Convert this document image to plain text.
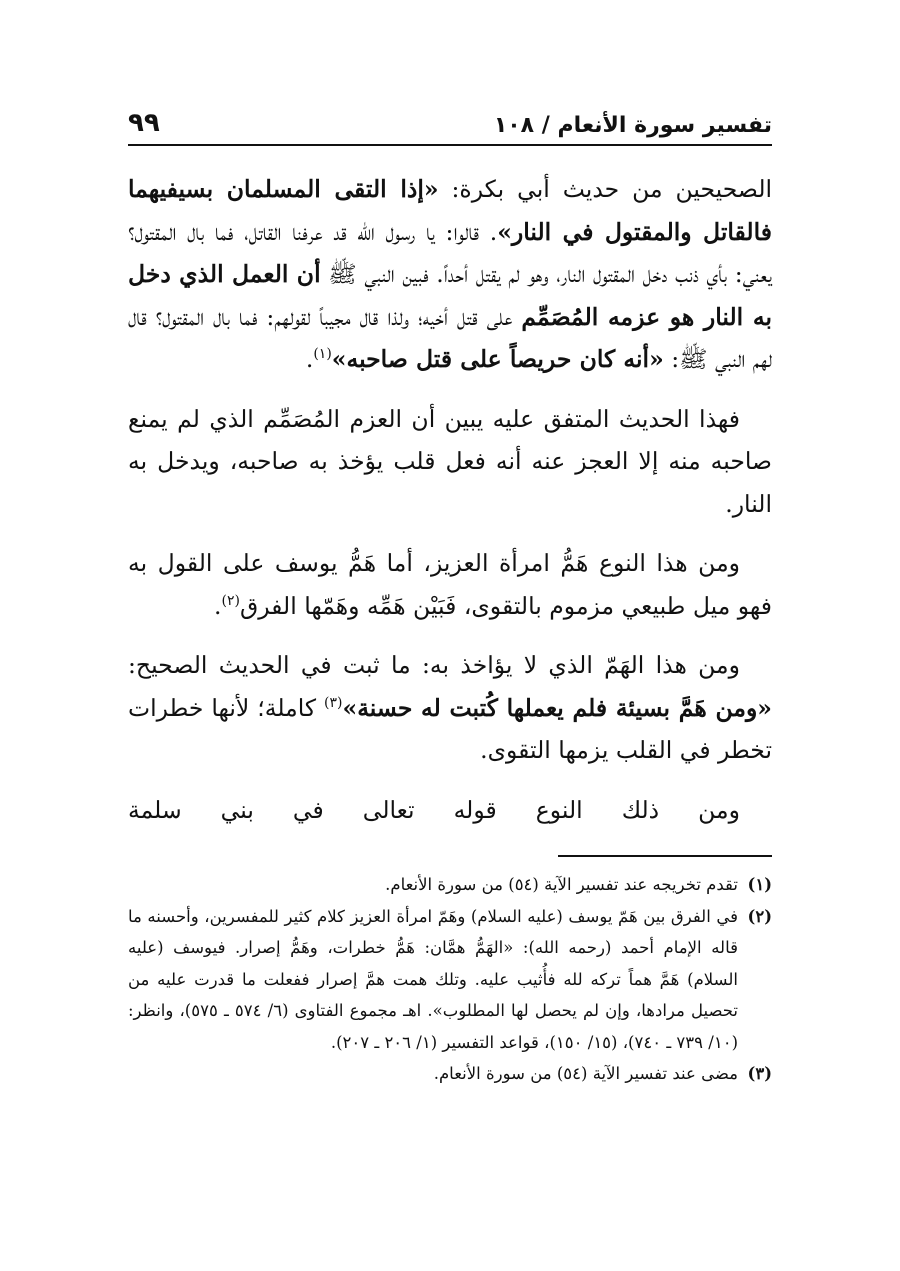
تفسير سورة الأنعام / ١٠٨
٩٩

الصحيحين من حديث أبي بكرة: «إذا التقى المسلمان بسيفيهما فالقاتل والمقتول في النار». قالوا: يا رسول الله قد عرفنا القاتل، فما بال المقتول؟ يعني: بأي ذنب دخل المقتول النار، وهو لم يقتل أحداً. فبين النبي ﷺ أن العمل الذي دخل به النار هو عزمه المُصَمِّم على قتل أخيه؛ ولذا قال مجيباً لقولهم: فما بال المقتول؟ قال لهم النبي ﷺ: «أنه كان حريصاً على قتل صاحبه»$^{(١)}$.

فهذا الحديث المتفق عليه يبين أن العزم المُصَمِّم الذي لم يمنع صاحبه منه إلا العجز عنه أنه فعل قلب يؤخذ به صاحبه، ويدخل به النار.

ومن هذا النوع هَمُّ امرأة العزيز، أما هَمُّ يوسف على القول به فهو ميل طبيعي مزموم بالتقوى، فَبَيْن هَمِّه وهَمّها الفرق$^{(٢)}$.

ومن هذا الهَمّ الذي لا يؤاخذ به: ما ثبت في الحديث الصحيح: «ومن هَمَّ بسيئة فلم يعملها كُتبت له حسنة»$^{(٣)}$ كاملة؛ لأنها خطرات تخطر في القلب يزمها التقوى.

ومن ذلك النوع قوله تعالى في بني سلمة

(١)
تقدم تخريجه عند تفسير الآية (٥٤) من سورة الأنعام.
(٢)
في الفرق بين هَمّ يوسف (عليه السلام) وهَمّ امرأة العزيز كلام كثير للمفسرين، وأحسنه ما قاله الإمام أحمد (رحمه الله): «الهَمُّ همَّان: هَمُّ خطرات، وهَمُّ إصرار. فيوسف (عليه السلام) هَمَّ هماً تركه لله فأُثيب عليه. وتلك همت همَّ إصرار ففعلت ما قدرت عليه من تحصيل مرادها، وإن لم يحصل لها المطلوب». اهـ مجموع الفتاوى (٦/ ٥٧٤ ـ ٥٧٥)، وانظر: (١٠/ ٧٣٩ ـ ٧٤٠)، (١٥/ ١٥٠)، قواعد التفسير (١/ ٢٠٦ ـ ٢٠٧).
(٣)
مضى عند تفسير الآية (٥٤) من سورة الأنعام.
